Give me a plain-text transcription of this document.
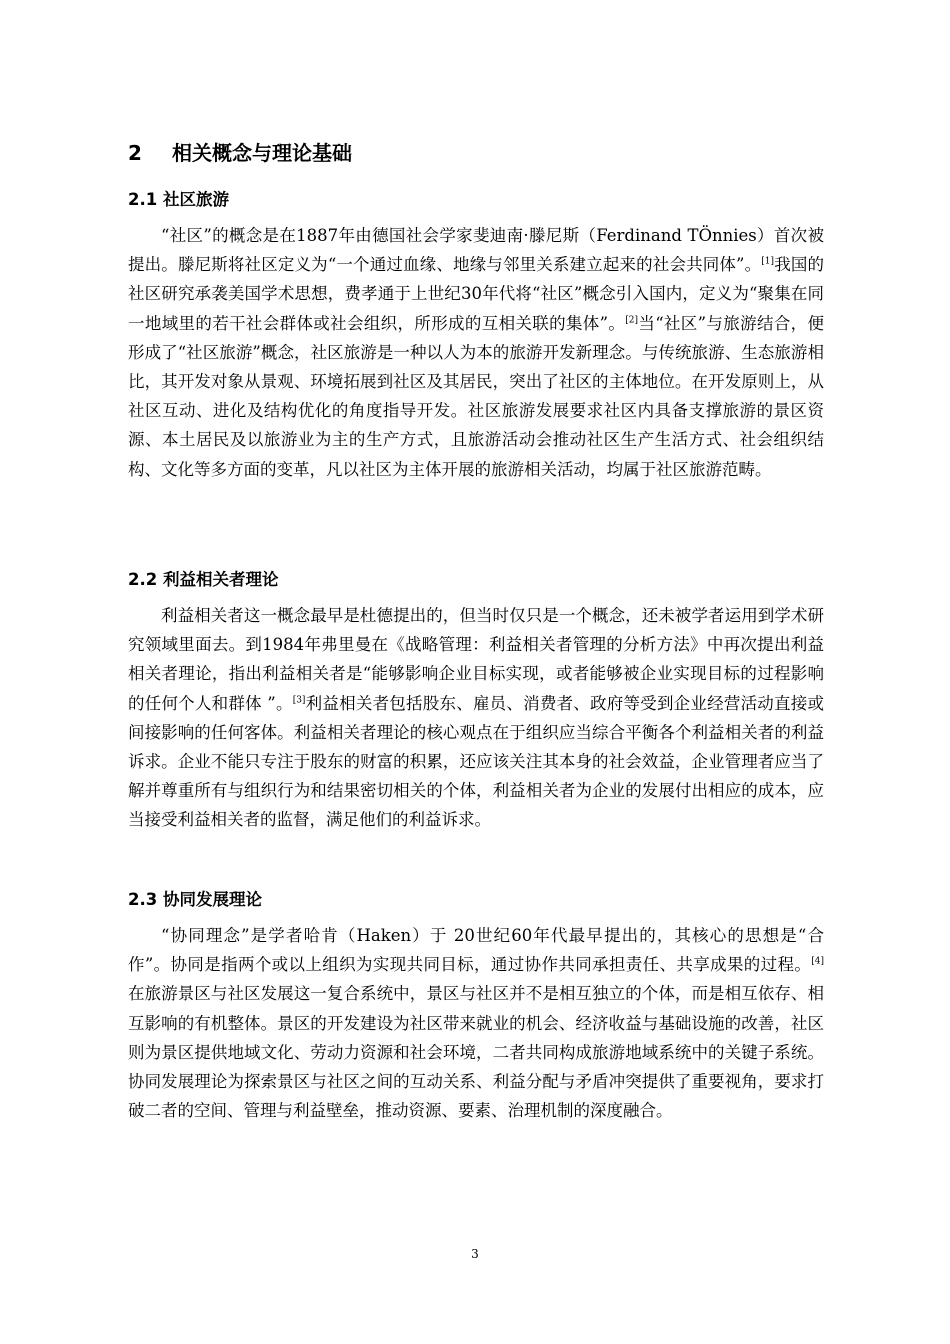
2 相关概念与理论基础
2.1 社区旅游

“社区”的概念是在1887年由德国社会学家斐迪南·滕尼斯（Ferdinand TÖnnies）首次被提出。滕尼斯将社区定义为“一个通过血缘、地缘与邻里关系建立起来的社会共同体”。[1]我国的社区研究承袭美国学术思想，费孝通于上世纪30年代将“社区”概念引入国内，定义为“聚集在同一地域里的若干社会群体或社会组织，所形成的互相关联的集体”。[2]当“社区”与旅游结合，便形成了“社区旅游”概念，社区旅游是一种以人为本的旅游开发新理念。与传统旅游、生态旅游相比，其开发对象从景观、环境拓展到社区及其居民，突出了社区的主体地位。在开发原则上，从社区互动、进化及结构优化的角度指导开发。社区旅游发展要求社区内具备支撑旅游的景区资源、本土居民及以旅游业为主的生产方式，且旅游活动会推动社区生产生活方式、社会组织结构、文化等多方面的变革，凡以社区为主体开展的旅游相关活动，均属于社区旅游范畴。

2.2 利益相关者理论

利益相关者这一概念最早是杜德提出的，但当时仅只是一个概念，还未被学者运用到学术研究领域里面去。到1984年弗里曼在《战略管理：利益相关者管理的分析方法》中再次提出利益相关者理论，指出利益相关者是“能够影响企业目标实现，或者能够被企业实现目标的过程影响的任何个人和群体 ”。[3]利益相关者包括股东、雇员、消费者、政府等受到企业经营活动直接或间接影响的任何客体。利益相关者理论的核心观点在于组织应当综合平衡各个利益相关者的利益诉求。企业不能只专注于股东的财富的积累，还应该关注其本身的社会效益，企业管理者应当了解并尊重所有与组织行为和结果密切相关的个体，利益相关者为企业的发展付出相应的成本，应当接受利益相关者的监督，满足他们的利益诉求。

2.3 协同发展理论

“协同理念”是学者哈肯（Haken）于 20世纪60年代最早提出的，其核心的思想是“合作”。协同是指两个或以上组织为实现共同目标，通过协作共同承担责任、共享成果的过程。[4] 在旅游景区与社区发展这一复合系统中，景区与社区并不是相互独立的个体，而是相互依存、相互影响的有机整体。景区的开发建设为社区带来就业的机会、经济收益与基础设施的改善，社区则为景区提供地域文化、劳动力资源和社会环境，二者共同构成旅游地域系统中的关键子系统。协同发展理论为探索景区与社区之间的互动关系、利益分配与矛盾冲突提供了重要视角，要求打破二者的空间、管理与利益壁垒，推动资源、要素、治理机制的深度融合。

3
